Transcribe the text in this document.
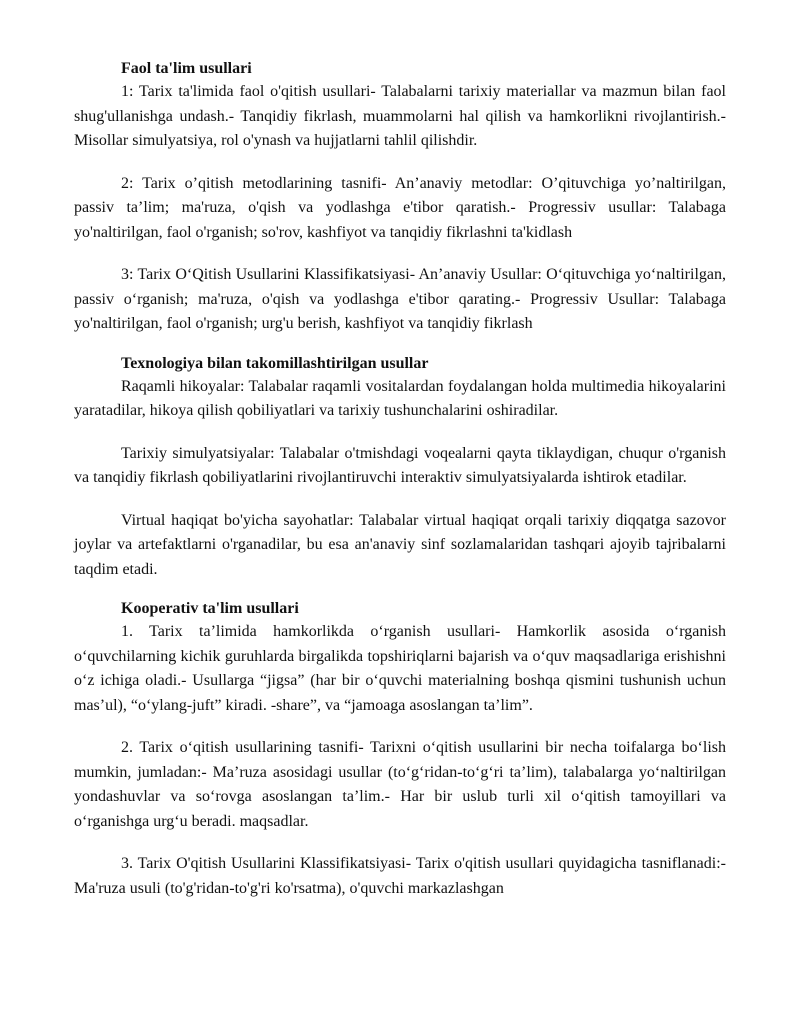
Faol ta'lim usullari

1: Tarix ta'limida faol o'qitish usullari- Talabalarni tarixiy materiallar va mazmun bilan faol shug'ullanishga undash.- Tanqidiy fikrlash, muammolarni hal qilish va hamkorlikni rivojlantirish.- Misollar simulyatsiya, rol o'ynash va hujjatlarni tahlil qilishdir.

2: Tarix o’qitish metodlarining tasnifi- An’anaviy metodlar: O’qituvchiga yo’naltirilgan, passiv ta’lim; ma'ruza, o'qish va yodlashga e'tibor qaratish.- Progressiv usullar: Talabaga yo'naltirilgan, faol o'rganish; so'rov, kashfiyot va tanqidiy fikrlashni ta'kidlash

3: Tarix O‘Qitish Usullarini Klassifikatsiyasi- An’anaviy Usullar: O‘qituvchiga yo‘naltirilgan, passiv o‘rganish; ma'ruza, o'qish va yodlashga e'tibor qarating.- Progressiv Usullar: Talabaga yo'naltirilgan, faol o'rganish; urg'u berish, kashfiyot va tanqidiy fikrlash

Texnologiya bilan takomillashtirilgan usullar

Raqamli hikoyalar: Talabalar raqamli vositalardan foydalangan holda multimedia hikoyalarini yaratadilar, hikoya qilish qobiliyatlari va tarixiy tushunchalarini oshiradilar.

Tarixiy simulyatsiyalar: Talabalar o'tmishdagi voqealarni qayta tiklaydigan, chuqur o'rganish va tanqidiy fikrlash qobiliyatlarini rivojlantiruvchi interaktiv simulyatsiyalarda ishtirok etadilar.

Virtual haqiqat bo'yicha sayohatlar: Talabalar virtual haqiqat orqali tarixiy diqqatga sazovor joylar va artefaktlarni o'rganadilar, bu esa an'anaviy sinf sozlamalaridan tashqari ajoyib tajribalarni taqdim etadi.

Kooperativ ta'lim usullari

1. Tarix ta’limida hamkorlikda o‘rganish usullari- Hamkorlik asosida o‘rganish o‘quvchilarning kichik guruhlarda birgalikda topshiriqlarni bajarish va o‘quv maqsadlariga erishishni o‘z ichiga oladi.- Usullarga “jigsa” (har bir o‘quvchi materialning boshqa qismini tushunish uchun mas’ul), “o‘ylang-juft” kiradi. -share”, va “jamoaga asoslangan ta’lim”.

2. Tarix o‘qitish usullarining tasnifi- Tarixni o‘qitish usullarini bir necha toifalarga bo‘lish mumkin, jumladan:- Ma’ruza asosidagi usullar (to‘g‘ridan-to‘g‘ri ta’lim), talabalarga yo‘naltirilgan yondashuvlar va so‘rovga asoslangan ta’lim.- Har bir uslub turli xil o‘qitish tamoyillari va o‘rganishga urg‘u beradi. maqsadlar.

3. Tarix O'qitish Usullarini Klassifikatsiyasi- Tarix o'qitish usullari quyidagicha tasniflanadi:- Ma'ruza usuli (to'g'ridan-to'g'ri ko'rsatma), o'quvchi markazlashgan
